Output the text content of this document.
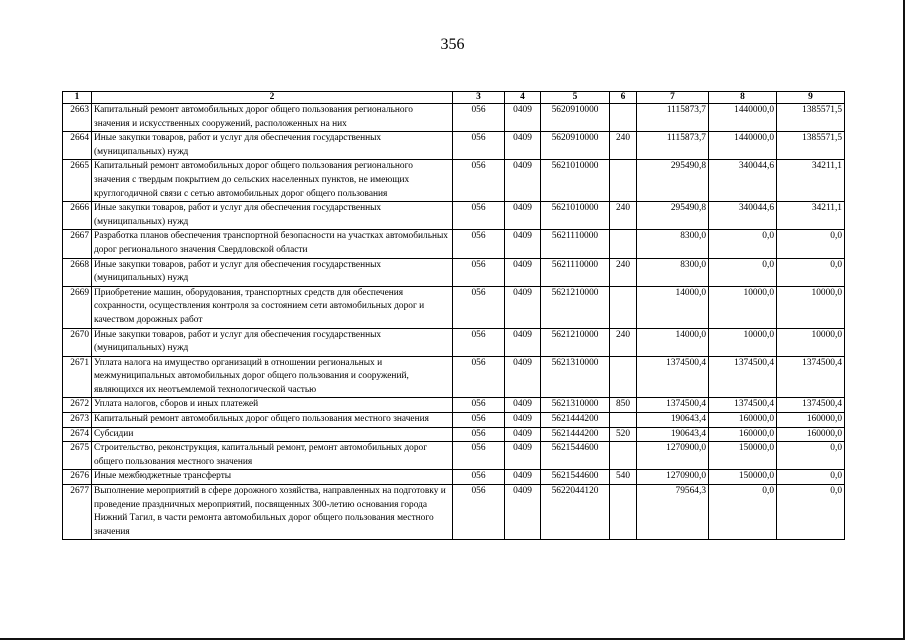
356
1	2	3	4	5	6	7	8	9
2663	Капитальный ремонт автомобильных дорог общего пользования регионального значения и искусственных сооружений, расположенных на них	056	0409	5620910000		1115873,7	1440000,0	1385571,5
2664	Иные закупки товаров, работ и услуг для обеспечения государственных (муниципальных) нужд	056	0409	5620910000	240	1115873,7	1440000,0	1385571,5
2665	Капитальный ремонт автомобильных дорог общего пользования регионального значения с твердым покрытием до сельских населенных пунктов, не имеющих круглогодичной связи с сетью автомобильных дорог общего пользования	056	0409	5621010000		295490,8	340044,6	34211,1
2666	Иные закупки товаров, работ и услуг для обеспечения государственных (муниципальных) нужд	056	0409	5621010000	240	295490,8	340044,6	34211,1
2667	Разработка планов обеспечения транспортной безопасности на участках автомобильных дорог регионального значения Свердловской области	056	0409	5621110000		8300,0	0,0	0,0
2668	Иные закупки товаров, работ и услуг для обеспечения государственных (муниципальных) нужд	056	0409	5621110000	240	8300,0	0,0	0,0
2669	Приобретение машин, оборудования, транспортных средств для обеспечения сохранности, осуществления контроля за состоянием сети автомобильных дорог и качеством дорожных работ	056	0409	5621210000		14000,0	10000,0	10000,0
2670	Иные закупки товаров, работ и услуг для обеспечения государственных (муниципальных) нужд	056	0409	5621210000	240	14000,0	10000,0	10000,0
2671	Уплата налога на имущество организаций в отношении региональных и межмуниципальных автомобильных дорог общего пользования и сооружений, являющихся их неотъемлемой технологической частью	056	0409	5621310000		1374500,4	1374500,4	1374500,4
2672	Уплата налогов, сборов и иных платежей	056	0409	5621310000	850	1374500,4	1374500,4	1374500,4
2673	Капитальный ремонт автомобильных дорог общего пользования местного значения	056	0409	5621444200		190643,4	160000,0	160000,0
2674	Субсидии	056	0409	5621444200	520	190643,4	160000,0	160000,0
2675	Строительство, реконструкция, капитальный ремонт, ремонт автомобильных дорог общего пользования местного значения	056	0409	5621544600		1270900,0	150000,0	0,0
2676	Иные межбюджетные трансферты	056	0409	5621544600	540	1270900,0	150000,0	0,0
2677	Выполнение мероприятий в сфере дорожного хозяйства, направленных на подготовку и проведение праздничных мероприятий, посвященных 300-летию основания города Нижний Тагил, в части ремонта автомобильных дорог общего пользования местного значения	056	0409	5622044120		79564,3	0,0	0,0
